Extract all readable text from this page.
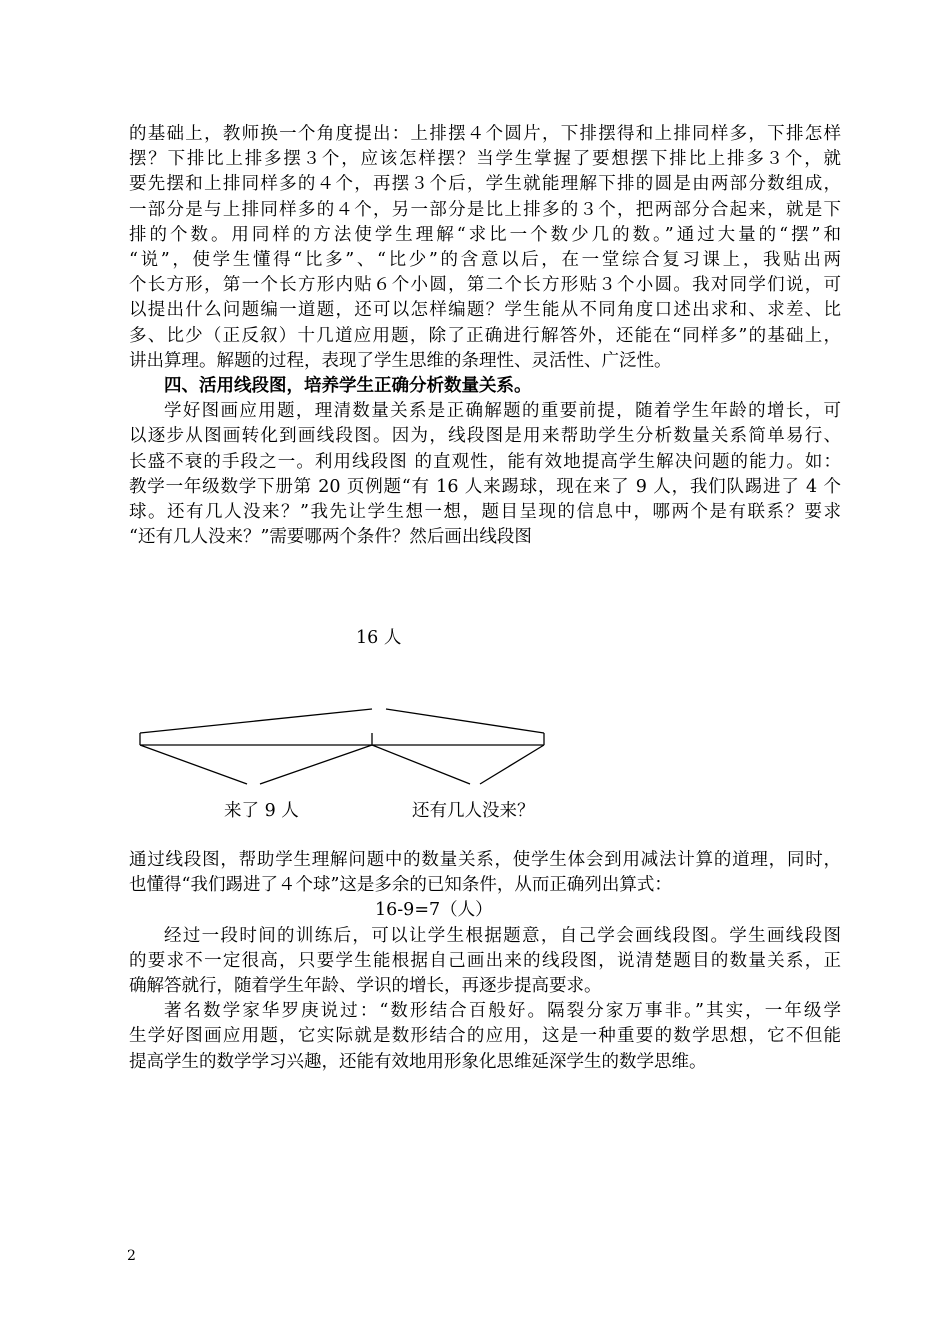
的基础上，教师换一个角度提出：上排摆４个圆片，下排摆得和上排同样多，下排怎样
摆？下排比上排多摆３个，应该怎样摆？当学生掌握了要想摆下排比上排多３个，就
要先摆和上排同样多的４个，再摆３个后，学生就能理解下排的圆是由两部分数组成，
一部分是与上排同样多的４个，另一部分是比上排多的３个，把两部分合起来，就是下
排的个数。用同样的方法使学生理解“求比一个数少几的数。”通过大量的“摆”和
“说”，使学生懂得“比多”、“比少”的含意以后，在一堂综合复习课上，我贴出两
个长方形，第一个长方形内贴６个小圆，第二个长方形贴３个小圆。我对同学们说，可
以提出什么问题编一道题，还可以怎样编题？学生能从不同角度口述出求和、求差、比
多、比少（正反叙）十几道应用题，除了正确进行解答外，还能在“同样多”的基础上，
讲出算理。解题的过程，表现了学生思维的条理性、灵活性、广泛性。

四、活用线段图，培养学生正确分析数量关系。

学好图画应用题，理清数量关系是正确解题的重要前提，随着学生年龄的增长，可
以逐步从图画转化到画线段图。因为，线段图是用来帮助学生分析数量关系简单易行、
长盛不衰的手段之一。利用线段图 的直观性，能有效地提高学生解决问题的能力。如：
教学一年级数学下册第 20 页例题“有 16 人来踢球，现在来了 9 人，我们队踢进了 4 个
球。还有几人没来？”我先让学生想一想，题目呈现的信息中，哪两个是有联系？要求
“还有几人没来？”需要哪两个条件？然后画出线段图
16 人
来了 9 人	还有几人没来？
通过线段图，帮助学生理解问题中的数量关系，使学生体会到用减法计算的道理，同时，
也懂得“我们踢进了４个球”这是多余的已知条件，从而正确列出算式：
16-9=7（人）
经过一段时间的训练后，可以让学生根据题意，自己学会画线段图。学生画线段图
的要求不一定很高，只要学生能根据自己画出来的线段图，说清楚题目的数量关系，正
确解答就行，随着学生年龄、学识的增长，再逐步提高要求。
著名数学家华罗庚说过：“数形结合百般好。隔裂分家万事非。”其实，一年级学
生学好图画应用题，它实际就是数形结合的应用，这是一种重要的数学思想，它不但能
提高学生的数学学习兴趣，还能有效地用形象化思维延深学生的数学思维。
2
